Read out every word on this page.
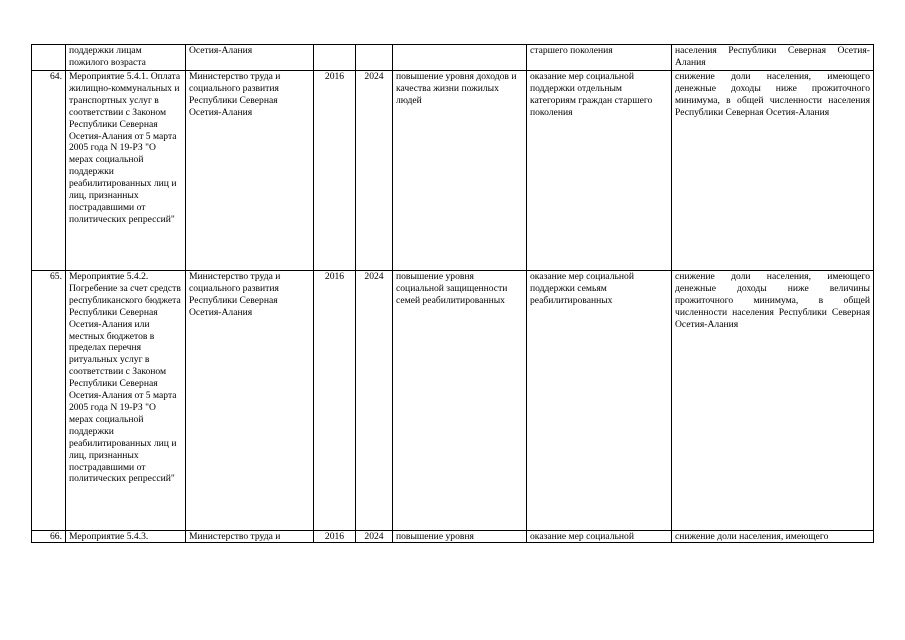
	поддержки лицам пожилого возраста	Осетия-Алания				старшего поколения	населения Республики Северная Осетия-Алания
64.	Мероприятие 5.4.1. Оплата жилищно-коммунальных и транспортных услуг в соответствии с Законом Республики Северная Осетия-Алания от 5 марта 2005 года N 19-РЗ "О мерах социальной поддержки реабилитированных лиц и лиц, признанных пострадавшими от политических репрессий"	Министерство труда и социального развития Республики Северная Осетия-Алания	2016	2024	повышение уровня доходов и качества жизни пожилых людей	оказание мер социальной поддержки отдельным категориям граждан старшего поколения	снижение доли населения, имеющего денежные доходы ниже прожиточного минимума, в общей численности населения Республики Северная Осетия-Алания
65.	Мероприятие 5.4.2. Погребение за счет средств республиканского бюджета Республики Северная Осетия-Алания или местных бюджетов в пределах перечня ритуальных услуг в соответствии с Законом Республики Северная Осетия-Алания от 5 марта 2005 года N 19-РЗ "О мерах социальной поддержки реабилитированных лиц и лиц, признанных пострадавшими от политических репрессий"	Министерство труда и социального развития Республики Северная Осетия-Алания	2016	2024	повышение уровня социальной защищенности семей реабилитированных	оказание мер социальной поддержки семьям реабилитированных	снижение доли населения, имеющего денежные доходы ниже величины прожиточного минимума, в общей численности населения Республики Северная Осетия-Алания

66.	Мероприятие 5.4.3.	Министерство труда и	2016	2024	повышение уровня	оказание мер социальной	снижение доли населения, имеющего
